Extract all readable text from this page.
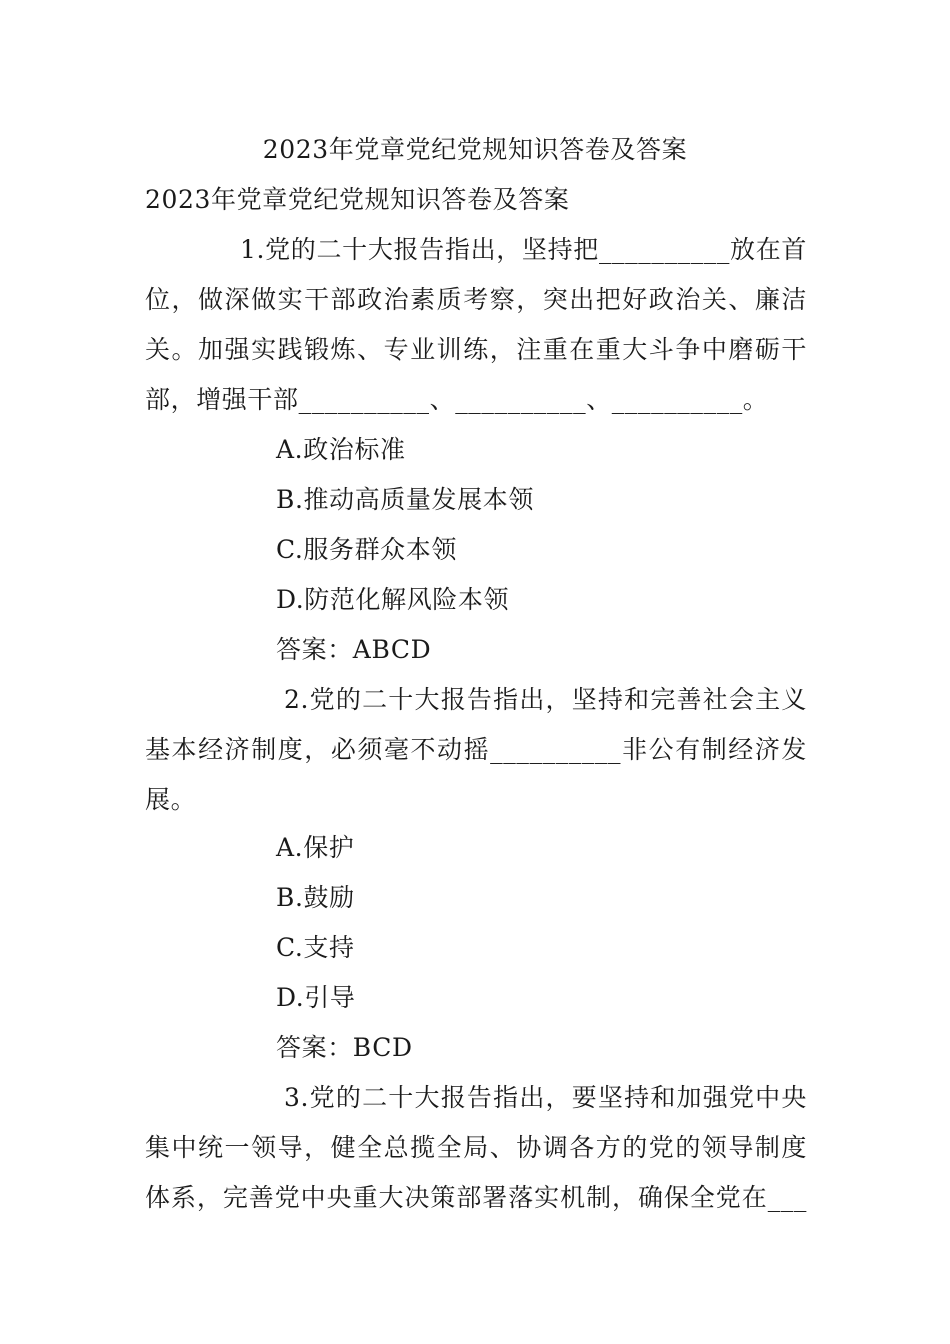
2023年党章党纪党规知识答卷及答案
2023年党章党纪党规知识答卷及答案
1.党的二十大报告指出，坚持把__________放在首
位，做深做实干部政治素质考察，突出把好政治关、廉洁
关。加强实践锻炼、专业训练，注重在重大斗争中磨砺干
部，增强干部__________、__________、__________。
A.政治标准
B.推动高质量发展本领
C.服务群众本领
D.防范化解风险本领
答案：ABCD
2.党的二十大报告指出，坚持和完善社会主义
基本经济制度，必须毫不动摇__________非公有制经济发
展。
A.保护
B.鼓励
C.支持
D.引导
答案：BCD
3.党的二十大报告指出，要坚持和加强党中央
集中统一领导，健全总揽全局、协调各方的党的领导制度
体系，完善党中央重大决策部署落实机制，确保全党在___
